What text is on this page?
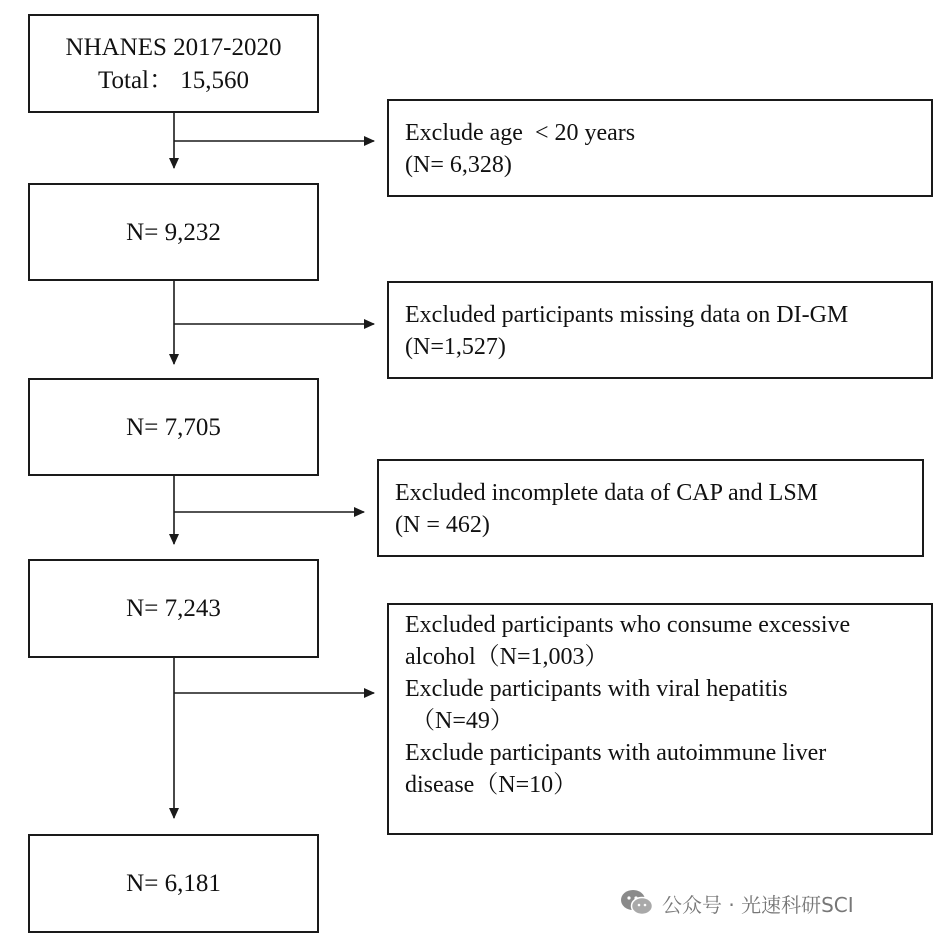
NHANES 2017-2020
Total： 15,560
N= 9,232
N= 7,705
N= 7,243
N= 6,181
Exclude age  < 20 years
(N= 6,328)
Excluded participants missing data on DI-GM
(N=1,527)
Excluded incomplete data of CAP and LSM
(N = 462)
Excluded participants who consume excessive
alcohol（N=1,003）
Exclude participants with viral hepatitis
（N=49）
Exclude participants with autoimmune liver
disease（N=10）
公众号 · 光速科研SCI
